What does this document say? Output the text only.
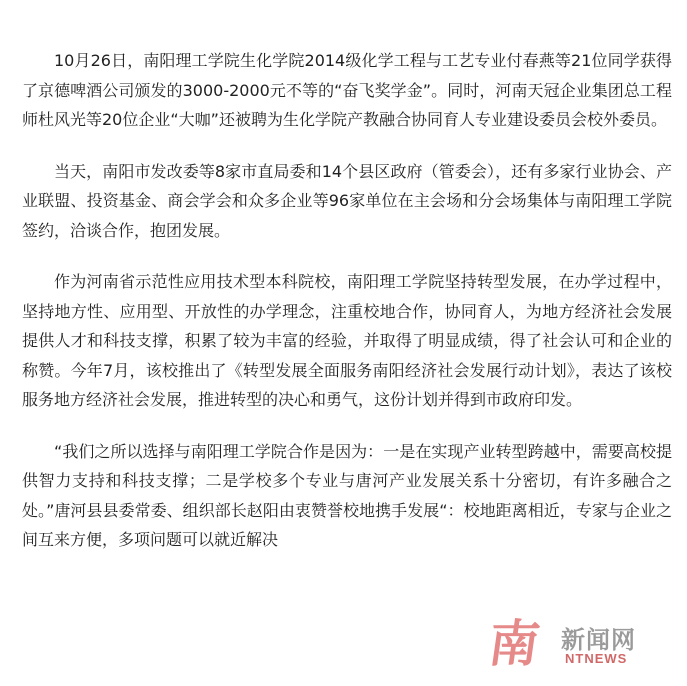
10月26日，南阳理工学院生化学院2014级化学工程与工艺专业付春燕等21位同学获得了京德啤酒公司颁发的3000-2000元不等的“奋飞奖学金”。同时，河南天冠企业集团总工程师杜风光等20位企业“大咖”还被聘为生化学院产教融合协同育人专业建设委员会校外委员。

当天，南阳市发改委等8家市直局委和14个县区政府（管委会），还有多家行业协会、产业联盟、投资基金、商会学会和众多企业等96家单位在主会场和分会场集体与南阳理工学院签约，洽谈合作，抱团发展。

作为河南省示范性应用技术型本科院校，南阳理工学院坚持转型发展，在办学过程中，坚持地方性、应用型、开放性的办学理念，注重校地合作，协同育人，为地方经济社会发展提供人才和科技支撑，积累了较为丰富的经验，并取得了明显成绩，得了社会认可和企业的称赞。今年7月，该校推出了《转型发展全面服务南阳经济社会发展行动计划》，表达了该校服务地方经济社会发展，推进转型的决心和勇气，这份计划并得到市政府印发。

“我们之所以选择与南阳理工学院合作是因为：一是在实现产业转型跨越中，需要高校提供智力支持和科技支撑；二是学校多个专业与唐河产业发展关系十分密切，有许多融合之处。”唐河县县委常委、组织部长赵阳由衷赞誉校地携手发展“：校地距离相近，专家与企业之间互来方便，多项问题可以就近解决

南 新闻网
NTNEWS
